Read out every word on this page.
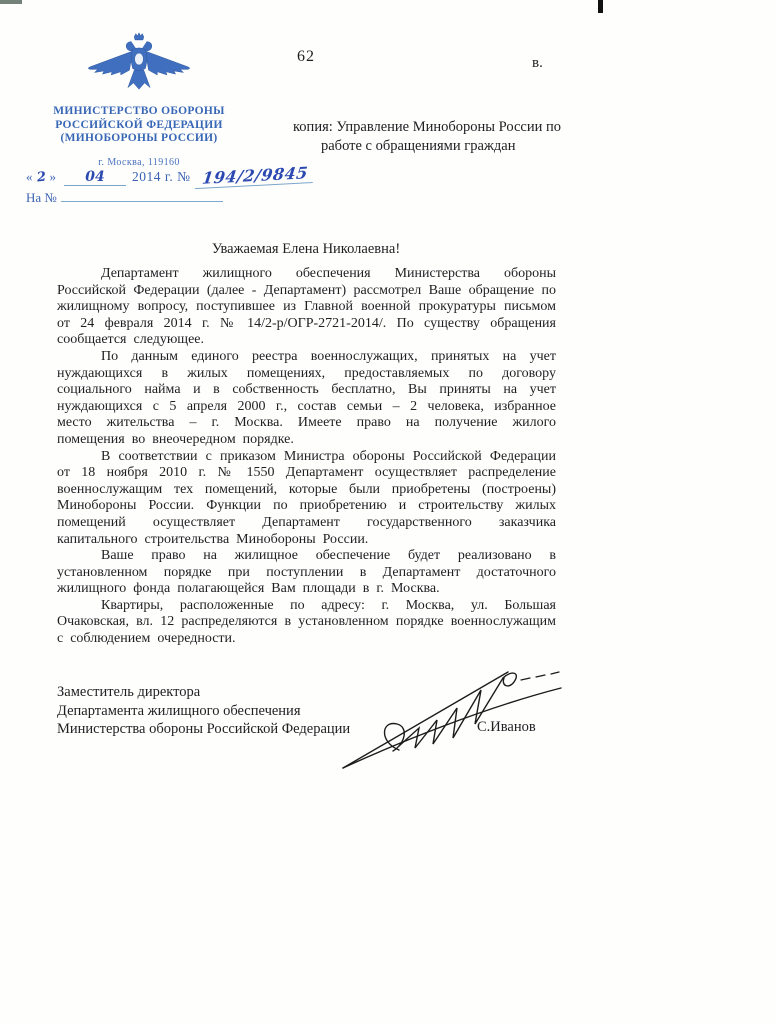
62	в.
МИНИСТЕРСТВО ОБОРОНЫ
РОССИЙСКОЙ ФЕДЕРАЦИИ
(МИНОБОРОНЫ РОССИИ)
г. Москва, 119160
« 2 » 04 2014 г. № 194/2/9845
На №
копия: Управление Минобороны России по
работе с обращениями граждан
Уважаемая Елена Николаевна!

Департамент жилищного обеспечения Министерства обороны Российской Федерации (далее - Департамент) рассмотрел Ваше обращение по жилищному вопросу, поступившее из Главной военной прокуратуры письмом от 24 февраля 2014 г. № 14/2-р/ОГР-2721-2014/. По существу обращения сообщается следующее.

По данным единого реестра военнослужащих, принятых на учет нуждающихся в жилых помещениях, предоставляемых по договору социального найма и в собственность бесплатно, Вы приняты на учет нуждающихся с 5 апреля 2000 г., состав семьи – 2 человека, избранное место жительства – г. Москва. Имеете право на получение жилого помещения во внеочередном порядке.

В соответствии с приказом Министра обороны Российской Федерации от 18 ноября 2010 г. № 1550 Департамент осуществляет распределение военнослужащим тех помещений, которые были приобретены (построены) Минобороны России. Функции по приобретению и строительству жилых помещений осуществляет Департамент государственного заказчика капитального строительства Минобороны России.

Ваше право на жилищное обеспечение будет реализовано в установленном порядке при поступлении в Департамент достаточного жилищного фонда полагающейся Вам площади в г. Москва.

Квартиры, расположенные по адресу: г. Москва, ул. Большая Очаковская, вл. 12 распределяются в установленном порядке военнослужащим с соблюдением очередности.

Заместитель директора
Департамента жилищного обеспечения
Министерства обороны Российской Федерации	С.Иванов
